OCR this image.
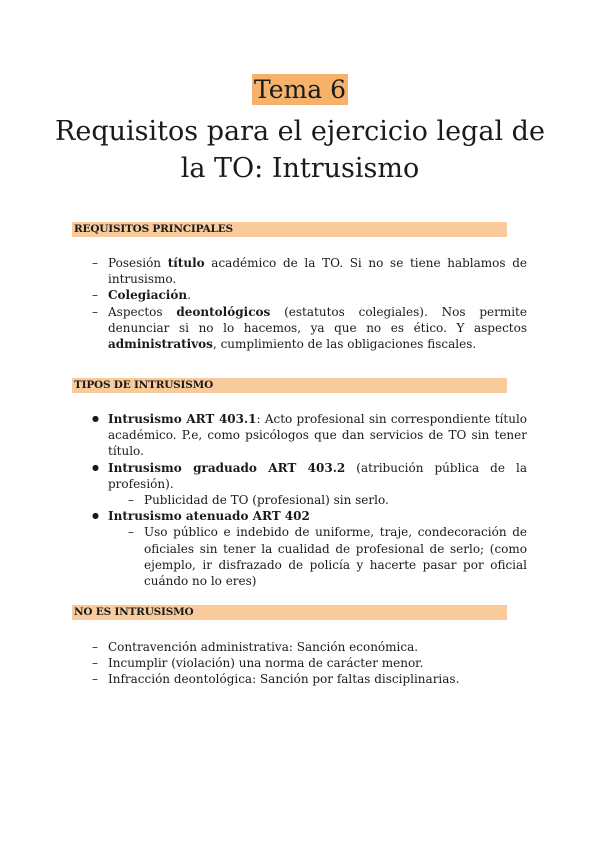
Tema 6
Requisitos para el ejercicio legal de
la TO: Intrusismo
REQUISITOS PRINCIPALES
– Posesión título académico de la TO. Si no se tiene hablamos de intrusismo.
– Colegiación.
– Aspectos deontológicos (estatutos colegiales). Nos permite denunciar si no lo hacemos, ya que no es ético. Y aspectos administrativos, cumplimiento de las obligaciones fiscales.
TIPOS DE INTRUSISMO
● Intrusismo ART 403.1: Acto profesional sin correspondiente título académico. P.e, como psicólogos que dan servicios de TO sin tener título.
● Intrusismo graduado ART 403.2 (atribución pública de la profesión).
– Publicidad de TO (profesional) sin serlo.
● Intrusismo atenuado ART 402
– Uso público e indebido de uniforme, traje, condecoración de oficiales sin tener la cualidad de profesional de serlo; (como ejemplo, ir disfrazado de policía y hacerte pasar por oficial cuándo no lo eres)
NO ES INTRUSISMO
– Contravención administrativa: Sanción económica.
– Incumplir (violación) una norma de carácter menor.
– Infracción deontológica: Sanción por faltas disciplinarias.
